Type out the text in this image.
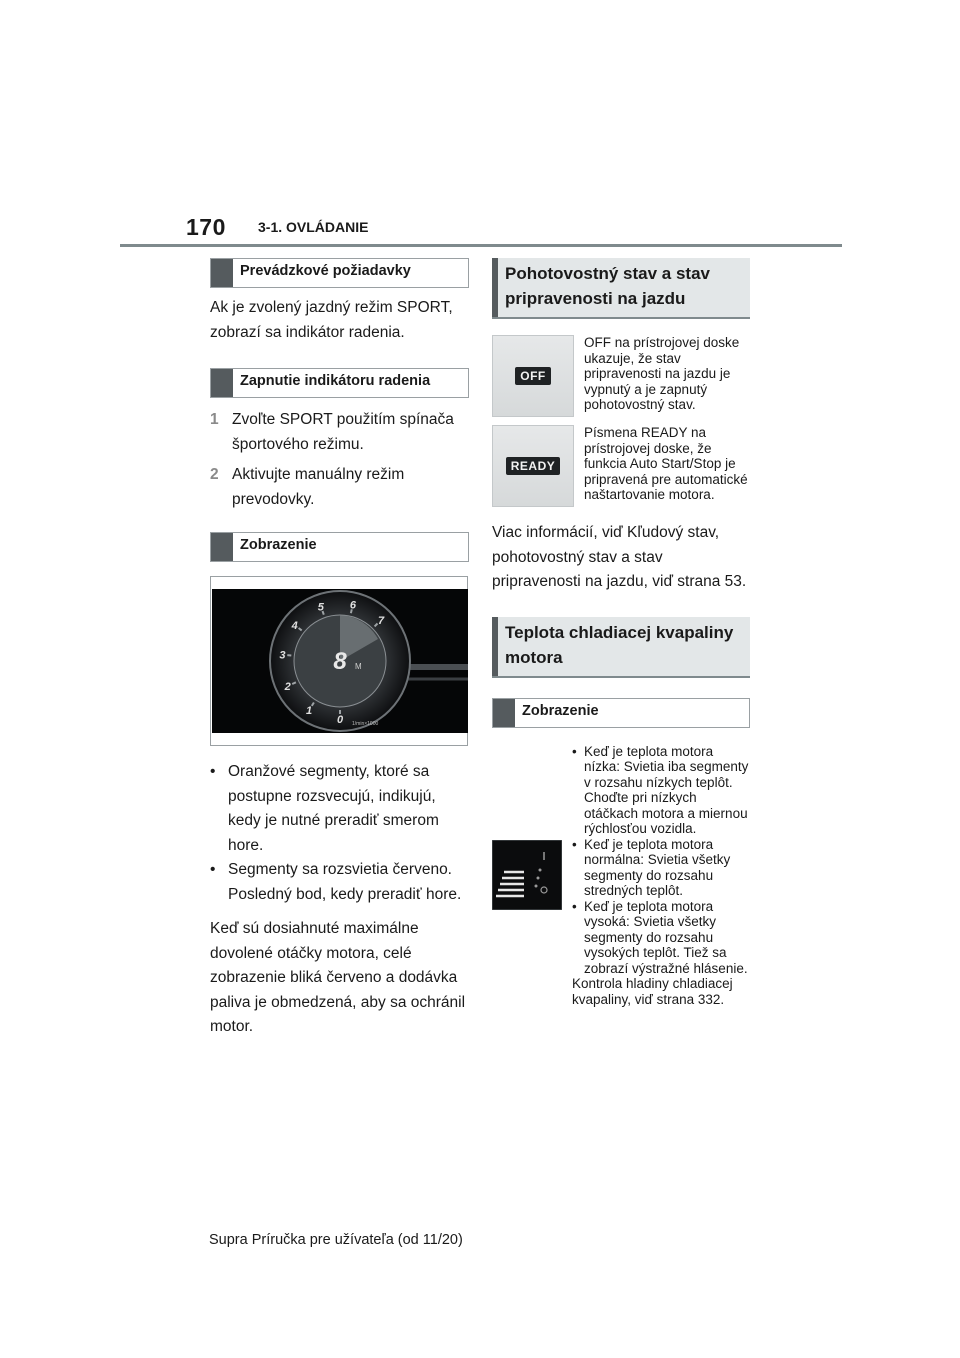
170 3-1. OVLÁDANIE
Prevádzkové požiadavky

Ak je zvolený jazdný režim SPORT, zobrazí sa indikátor radenia.

Zapnutie indikátoru radenia
1 Zvoľte SPORT použitím spínača športového režimu.
2 Aktivujte manuálny režim prevodovky.
Zobrazenie
0
1
2
3
4
5 6
7
8 M
1/min×1000
• Oranžové segmenty, ktoré sa postupne rozsvecujú, indikujú, kedy je nutné preradiť smerom hore.
• Segmenty sa rozsvietia červeno. Posledný bod, kedy preradiť hore.

Keď sú dosiahnuté maximálne dovolené otáčky motora, celé zobrazenie bliká červeno a dodávka paliva je obmedzená, aby sa ochránil motor.

Pohotovostný stav a stav pripravenosti na jazdu
OFF
OFF na prístrojovej doske ukazuje, že stav pripravenosti na jazdu je vypnutý a je zapnutý pohotovostný stav.
READY
Písmena READY na prístrojovej doske, že funkcia Auto Start/Stop je pripravená pre automatické naštartovanie motora.

Viac informácií, viď Kľudový stav, pohotovostný stav a stav pripravenosti na jazdu, viď strana 53.

Teplota chladiacej kvapaliny motora
Zobrazenie
• Keď je teplota motora nízka: Svietia iba segmenty v rozsahu nízkych teplôt. Choďte pri nízkych otáčkach motora a miernou rýchlosťou vozidla.
• Keď je teplota motora normálna: Svietia všetky segmenty do rozsahu stredných teplôt.
• Keď je teplota motora vysoká: Svietia všetky segmenty do rozsahu vysokých teplôt. Tiež sa zobrazí výstražné hlásenie.
Kontrola hladiny chladiacej kvapaliny, viď strana 332.
Supra Príručka pre užívateľa (od 11/20)
